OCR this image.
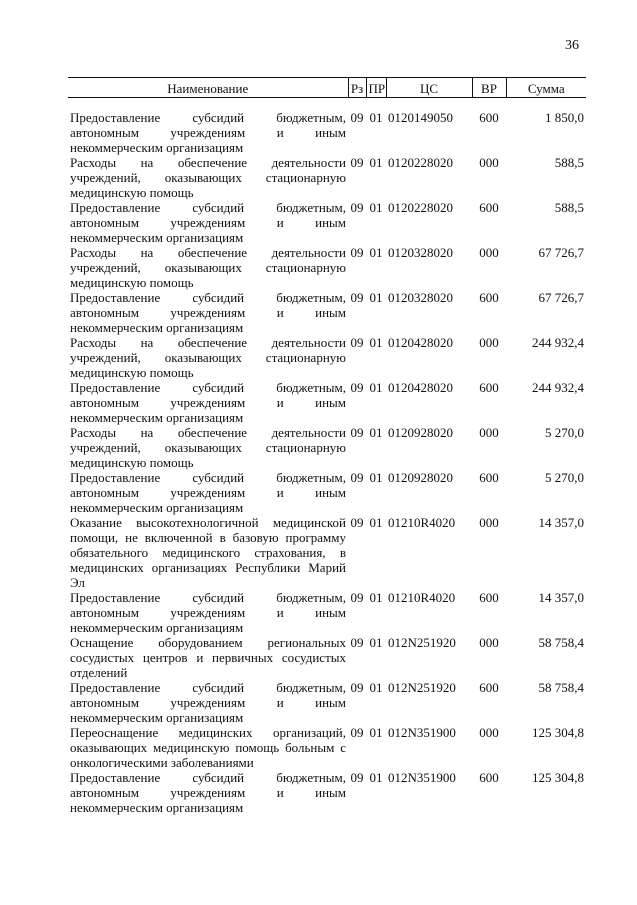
36
Наименование	Рз	ПР	ЦС	ВР	Сумма

Предоставление субсидий бюджетным, автономным учреждениям и иным некоммерческим организациям	09	01	0120149050	600	1 850,0
Расходы на обеспечение деятельности учреждений, оказывающих стационарную медицинскую помощь	09	01	0120228020	000	588,5
Предоставление субсидий бюджетным, автономным учреждениям и иным некоммерческим организациям	09	01	0120228020	600	588,5
Расходы на обеспечение деятельности учреждений, оказывающих стационарную медицинскую помощь	09	01	0120328020	000	67 726,7
Предоставление субсидий бюджетным, автономным учреждениям и иным некоммерческим организациям	09	01	0120328020	600	67 726,7
Расходы на обеспечение деятельности учреждений, оказывающих стационарную медицинскую помощь	09	01	0120428020	000	244 932,4
Предоставление субсидий бюджетным, автономным учреждениям и иным некоммерческим организациям	09	01	0120428020	600	244 932,4
Расходы на обеспечение деятельности учреждений, оказывающих стационарную медицинскую помощь	09	01	0120928020	000	5 270,0
Предоставление субсидий бюджетным, автономным учреждениям и иным некоммерческим организациям	09	01	0120928020	600	5 270,0
Оказание высокотехнологичной медицинской помощи, не включенной в базовую программу обязательного медицинского страхования, в медицинских организациях Республики Марий Эл	09	01	01210R4020	000	14 357,0
Предоставление субсидий бюджетным, автономным учреждениям и иным некоммерческим организациям	09	01	01210R4020	600	14 357,0
Оснащение оборудованием региональных сосудистых центров и первичных сосудистых отделений	09	01	012N251920	000	58 758,4
Предоставление субсидий бюджетным, автономным учреждениям и иным некоммерческим организациям	09	01	012N251920	600	58 758,4
Переоснащение медицинских организаций, оказывающих медицинскую помощь больным с онкологическими заболеваниями	09	01	012N351900	000	125 304,8
Предоставление субсидий бюджетным, автономным учреждениям и иным некоммерческим организациям	09	01	012N351900	600	125 304,8
